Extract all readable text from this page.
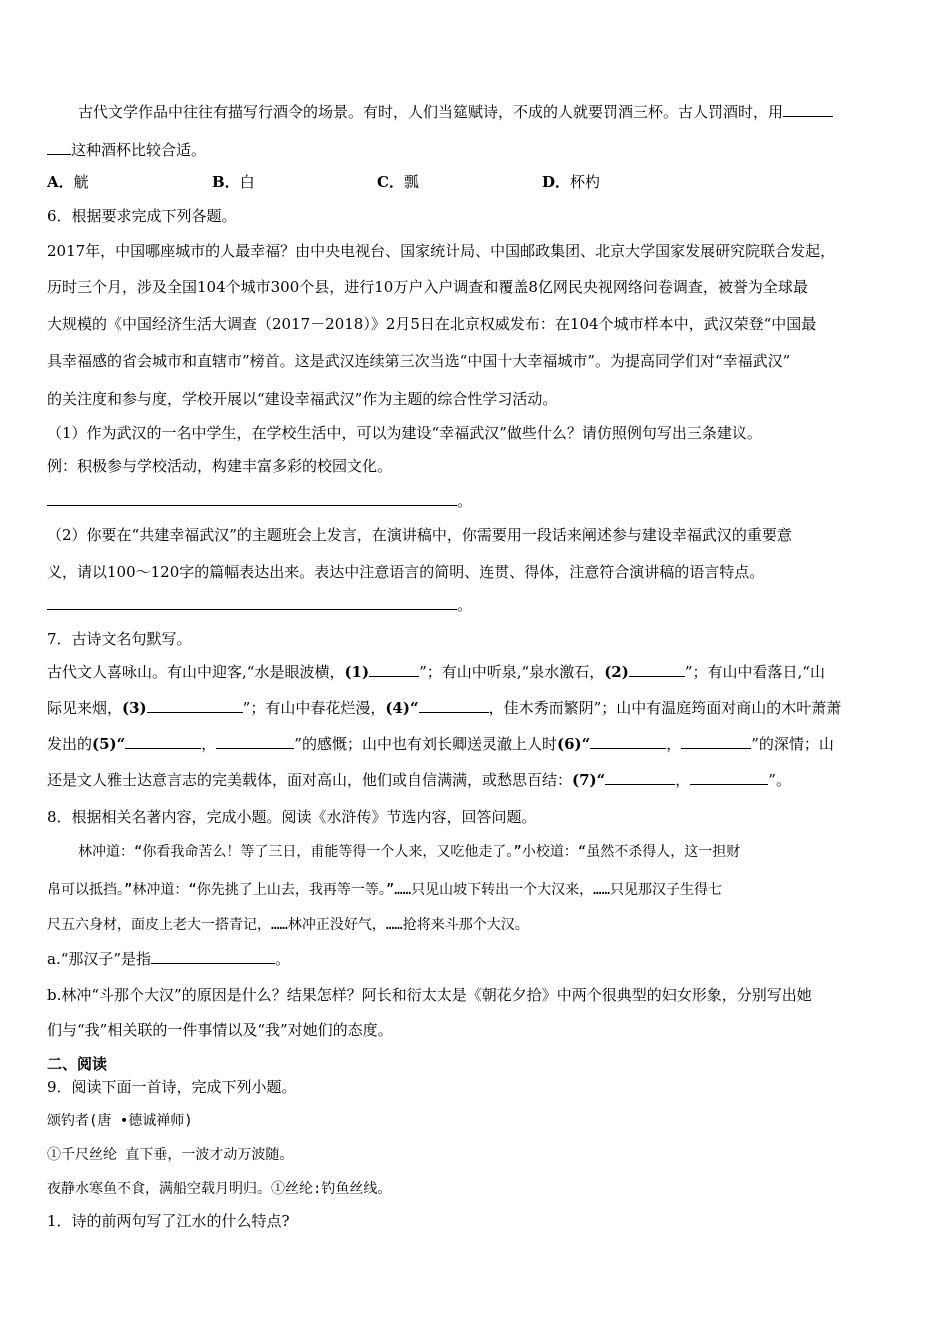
古代文学作品中往往有描写行酒令的场景。有时，人们当筵赋诗，不成的人就要罚酒三杯。古人罚酒时，用
这种酒杯比较合适。
A．觥	B．白	C．瓢	D．杯杓
6．根据要求完成下列各题。
2017年，中国哪座城市的人最幸福？由中央电视台、国家统计局、中国邮政集团、北京大学国家发展研究院联合发起，
历时三个月，涉及全国104个城市300个县，进行10万户入户调查和覆盖8亿网民央视网络问卷调查，被誉为全球最
大规模的《中国经济生活大调查（2017－2018）》2月5日在北京权威发布：在104个城市样本中，武汉荣登“中国最
具幸福感的省会城市和直辖市”榜首。这是武汉连续第三次当选“中国十大幸福城市”。为提高同学们对“幸福武汉”
的关注度和参与度，学校开展以“建设幸福武汉”作为主题的综合性学习活动。
（1）作为武汉的一名中学生，在学校生活中，可以为建设“幸福武汉”做些什么？请仿照例句写出三条建议。
例：积极参与学校活动，构建丰富多彩的校园文化。
。
（2）你要在“共建幸福武汉”的主题班会上发言，在演讲稿中，你需要用一段话来阐述参与建设幸福武汉的重要意
义，请以100～120字的篇幅表达出来。表达中注意语言的简明、连贯、得体，注意符合演讲稿的语言特点。
。
7．古诗文名句默写。
古代文人喜咏山。有山中迎客,“水是眼波横，(1)	”；有山中听泉,“泉水激石，(2)	”；有山中看落日,“山
际见来烟，(3)	”；有山中春花烂漫，(4)“	，佳木秀而繁阴”；山中有温庭筠面对商山的木叶萧萧
发出的(5)“	，	”的感慨；山中也有刘长卿送灵澈上人时(6)“	，	”的深情；山
还是文人雅士达意言志的完美载体，面对高山，他们或自信满满，或愁思百结：(7)“	，	”。
8．根据相关名著内容，完成小题。阅读《水浒传》节选内容，回答问题。
林冲道：“你看我命苦么！等了三日，甫能等得一个人来，又吃他走了。”小校道：“虽然不杀得人，这一担财
帛可以抵挡。”林冲道：“你先挑了上山去，我再等一等。”……只见山坡下转出一个大汉来，……只见那汉子生得七
尺五六身材，面皮上老大一搭青记，……林冲正没好气，……抢将来斗那个大汉。
a.“那汉子”是指	。
b.林冲“斗那个大汉”的原因是什么？结果怎样？阿长和衍太太是《朝花夕拾》中两个很典型的妇女形象，分别写出她
们与“我”相关联的一件事情以及“我”对她们的态度。
二、阅读
9．阅读下面一首诗，完成下列小题。
颂钓者(唐 •德诚禅师)
①千尺丝纶 直下垂，一波才动万波随。
夜静水寒鱼不食，满船空载月明归。①丝纶:钓鱼丝线。
1．诗的前两句写了江水的什么特点?
